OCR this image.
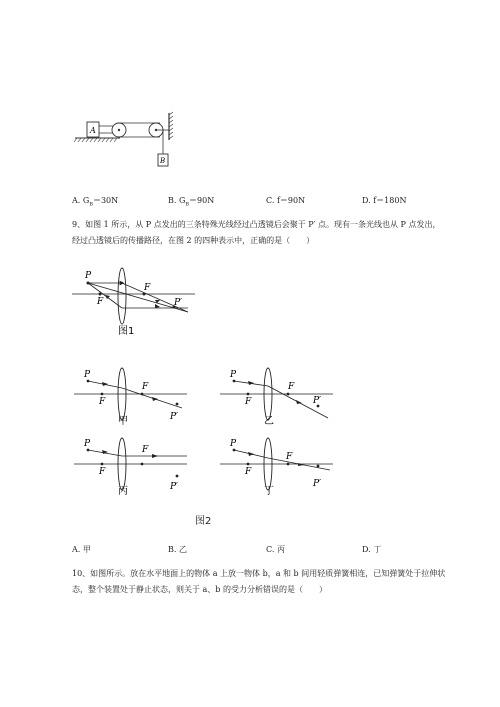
A
B
A. $G_B=30N$	B. $G_B=90N$	C. f＝90N	D. f＝180N
9、如图 1 所示，从 P 点发出的三条特殊光线经过凸透镜后会聚于 P′ 点。现有一条光线也从 P 点发出，
经过凸透镜后的传播路径，在图 2 的四种表示中，正确的是（　　）
P
F
F
P′
图1
P
F
F
P′
甲
P
F
F
P′
乙
P
F
F
P′
丙
P
F
F
P′
丁
图2
A. 甲	B. 乙	C. 丙	D. 丁
10、如图所示。放在水平地面上的物体 a 上放一物体 b，a 和 b 间用轻质弹簧相连，已知弹簧处于拉伸状
态，整个装置处于静止状态，则关于 a、b 的受力分析错误的是（　　）
